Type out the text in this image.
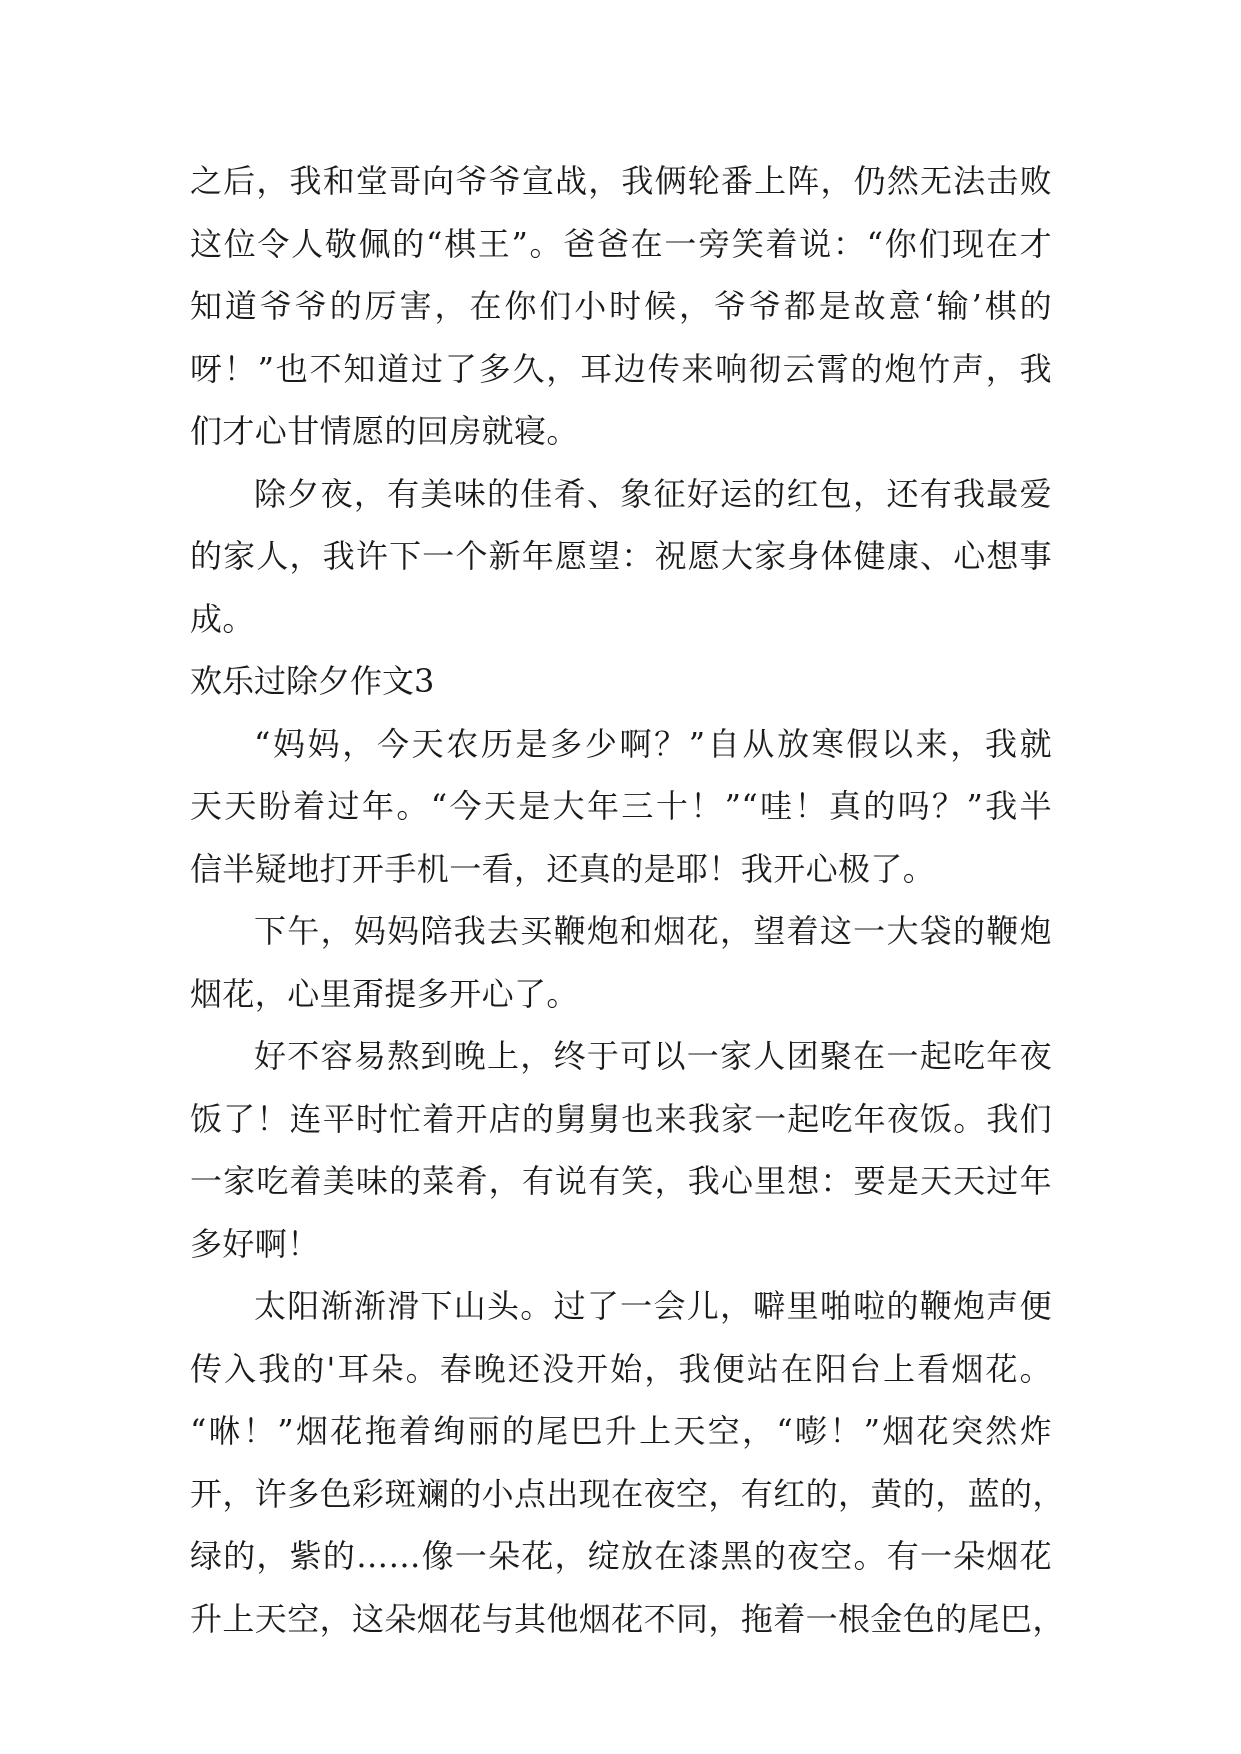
之后，我和堂哥向爷爷宣战，我俩轮番上阵，仍然无法击败
这位令人敬佩的“棋王”。爸爸在一旁笑着说：“你们现在才
知道爷爷的厉害，在你们小时候，爷爷都是故意‘输’棋的
呀！”也不知道过了多久，耳边传来响彻云霄的炮竹声，我
们才心甘情愿的回房就寝。
除夕夜，有美味的佳肴、象征好运的红包，还有我最爱
的家人，我许下一个新年愿望：祝愿大家身体健康、心想事
成。
欢乐过除夕作文3
“妈妈，今天农历是多少啊？”自从放寒假以来，我就
天天盼着过年。“今天是大年三十！”“哇！真的吗？”我半
信半疑地打开手机一看，还真的是耶！我开心极了。
下午，妈妈陪我去买鞭炮和烟花，望着这一大袋的鞭炮
烟花，心里甭提多开心了。
好不容易熬到晚上，终于可以一家人团聚在一起吃年夜
饭了！连平时忙着开店的舅舅也来我家一起吃年夜饭。我们
一家吃着美味的菜肴，有说有笑，我心里想：要是天天过年
多好啊！
太阳渐渐滑下山头。过了一会儿，噼里啪啦的鞭炮声便
传入我的'耳朵。春晚还没开始，我便站在阳台上看烟花。
“咻！”烟花拖着绚丽的尾巴升上天空，“嘭！”烟花突然炸
开，许多色彩斑斓的小点出现在夜空，有红的，黄的，蓝的，
绿的，紫的……像一朵花，绽放在漆黑的夜空。有一朵烟花
升上天空，这朵烟花与其他烟花不同，拖着一根金色的尾巴，
